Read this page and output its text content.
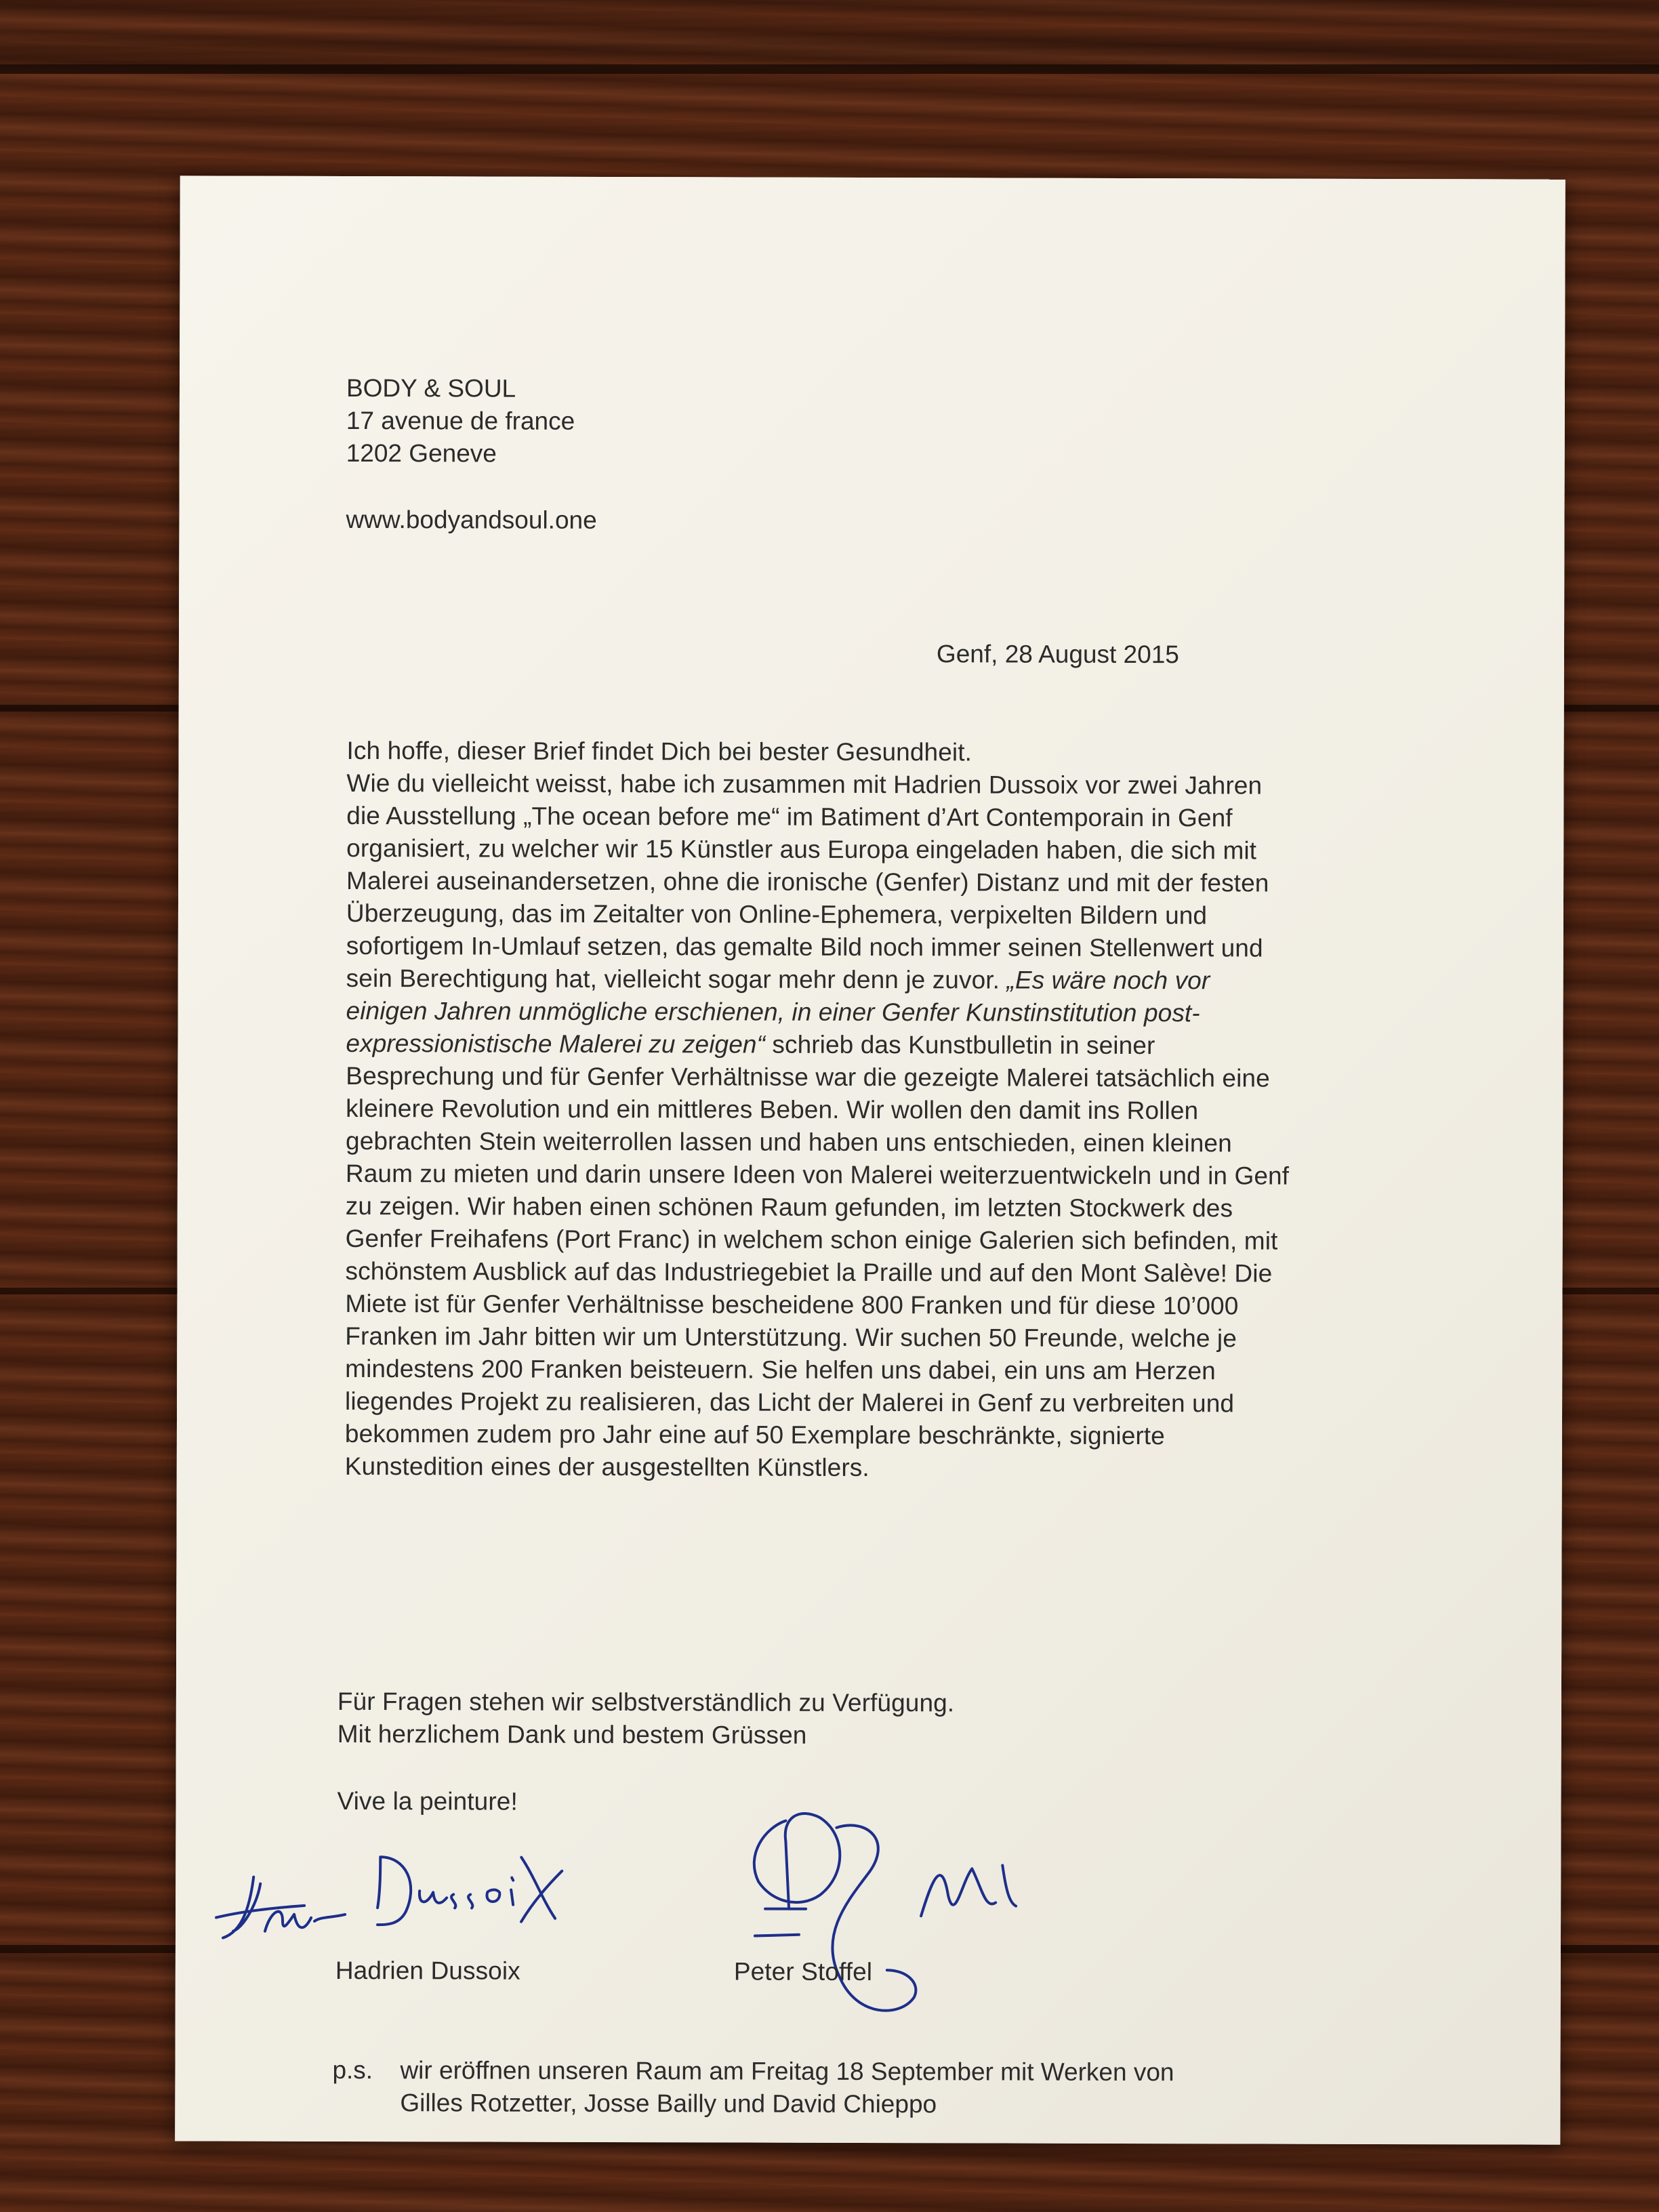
BODY & SOUL
17 avenue de france
1202 Geneve
www.bodyandsoul.one
Genf, 28 August 2015
Ich hoffe, dieser Brief findet Dich bei bester Gesundheit.
Wie du vielleicht weisst, habe ich zusammen mit Hadrien Dussoix vor zwei Jahren
die Ausstellung „The ocean before me“ im Batiment d’Art Contemporain in Genf
organisiert, zu welcher wir 15 Künstler aus Europa eingeladen haben, die sich mit
Malerei auseinandersetzen, ohne die ironische (Genfer) Distanz und mit der festen
Überzeugung, das im Zeitalter von Online-Ephemera, verpixelten Bildern und
sofortigem In-Umlauf setzen, das gemalte Bild noch immer seinen Stellenwert und
sein Berechtigung hat, vielleicht sogar mehr denn je zuvor. „Es wäre noch vor
einigen Jahren unmögliche erschienen, in einer Genfer Kunstinstitution post-
expressionistische Malerei zu zeigen“ schrieb das Kunstbulletin in seiner
Besprechung und für Genfer Verhältnisse war die gezeigte Malerei tatsächlich eine
kleinere Revolution und ein mittleres Beben. Wir wollen den damit ins Rollen
gebrachten Stein weiterrollen lassen und haben uns entschieden, einen kleinen
Raum zu mieten und darin unsere Ideen von Malerei weiterzuentwickeln und in Genf
zu zeigen. Wir haben einen schönen Raum gefunden, im letzten Stockwerk des
Genfer Freihafens (Port Franc) in welchem schon einige Galerien sich befinden, mit
schönstem Ausblick auf das Industriegebiet la Praille und auf den Mont Salève! Die
Miete ist für Genfer Verhältnisse bescheidene 800 Franken und für diese 10’000
Franken im Jahr bitten wir um Unterstützung. Wir suchen 50 Freunde, welche je
mindestens 200 Franken beisteuern. Sie helfen uns dabei, ein uns am Herzen
liegendes Projekt zu realisieren, das Licht der Malerei in Genf zu verbreiten und
bekommen zudem pro Jahr eine auf 50 Exemplare beschränkte, signierte
Kunstedition eines der ausgestellten Künstlers.
Für Fragen stehen wir selbstverständlich zu Verfügung.
Mit herzlichem Dank und bestem Grüssen
Vive la peinture!
Hadrien Dussoix	Peter Stoffel
p.s. wir eröffnen unseren Raum am Freitag 18 September mit Werken von
Gilles Rotzetter, Josse Bailly und David Chieppo
